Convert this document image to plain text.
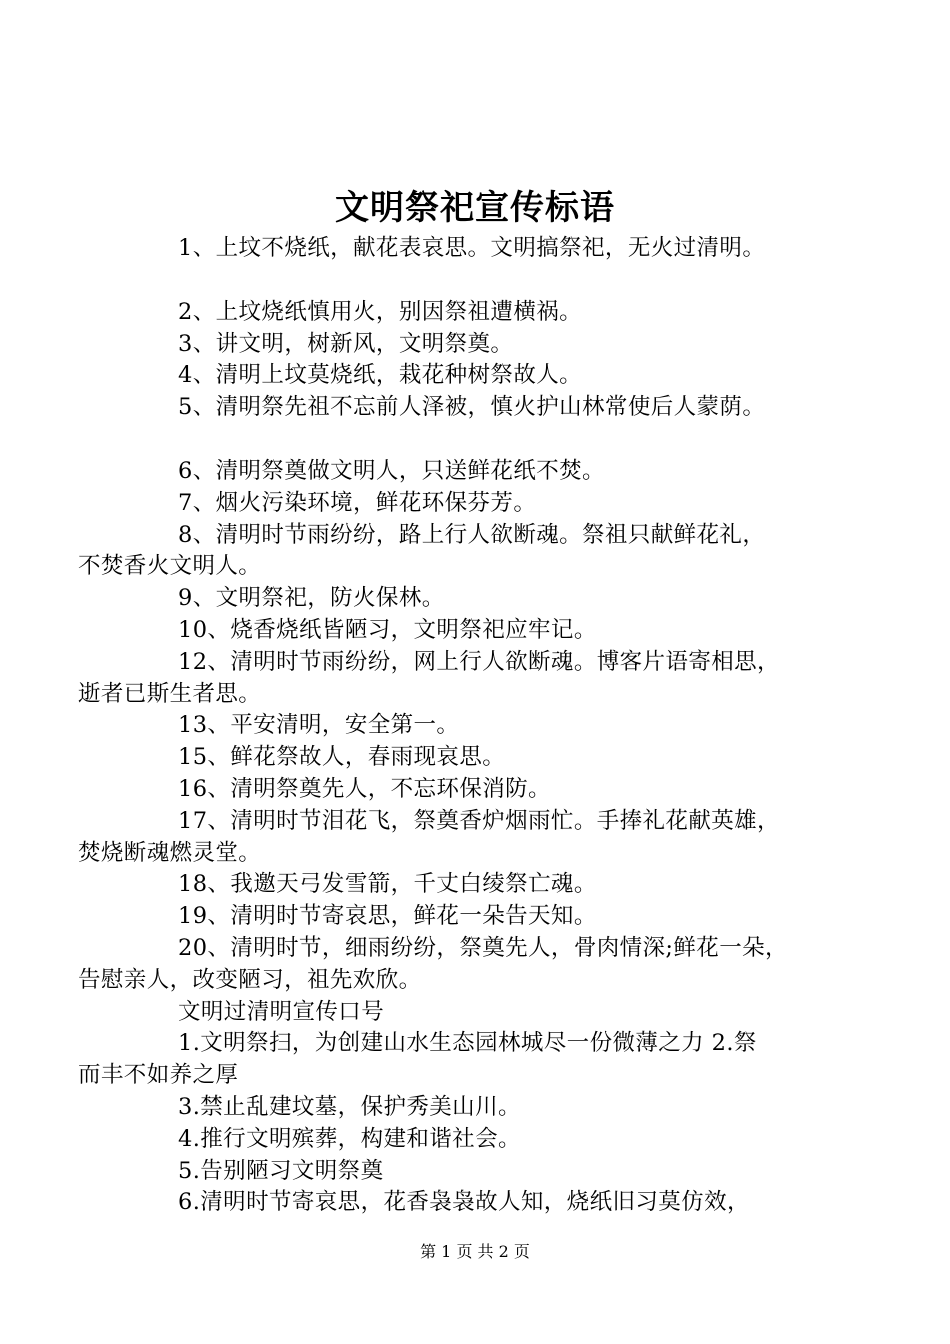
文明祭祀宣传标语

1、上坟不烧纸，献花表哀思。文明搞祭祀，无火过清明。

2、上坟烧纸慎用火，别因祭祖遭横祸。

3、讲文明，树新风，文明祭奠。

4、清明上坟莫烧纸，栽花种树祭故人。

5、清明祭先祖不忘前人泽被，慎火护山林常使后人蒙荫。

6、清明祭奠做文明人，只送鲜花纸不焚。

7、烟火污染环境，鲜花环保芬芳。

8、清明时节雨纷纷，路上行人欲断魂。祭祖只献鲜花礼，
不焚香火文明人。

9、文明祭祀，防火保林。

10、烧香烧纸皆陋习，文明祭祀应牢记。

12、清明时节雨纷纷，网上行人欲断魂。博客片语寄相思，
逝者已斯生者思。

13、平安清明，安全第一。

15、鲜花祭故人，春雨现哀思。

16、清明祭奠先人，不忘环保消防。

17、清明时节泪花飞，祭奠香炉烟雨忙。手捧礼花献英雄，
焚烧断魂燃灵堂。

18、我邀天弓发雪箭，千丈白绫祭亡魂。

19、清明时节寄哀思，鲜花一朵告天知。

20、清明时节，细雨纷纷，祭奠先人，骨肉情深;鲜花一朵，
告慰亲人，改变陋习，祖先欢欣。

文明过清明宣传口号

1.文明祭扫，为创建山水生态园林城尽一份微薄之力 2.祭
而丰不如养之厚

3.禁止乱建坟墓，保护秀美山川。

4.推行文明殡葬，构建和谐社会。

5.告别陋习文明祭奠

6.清明时节寄哀思，花香袅袅故人知，烧纸旧习莫仿效，

第 1 页 共 2 页
